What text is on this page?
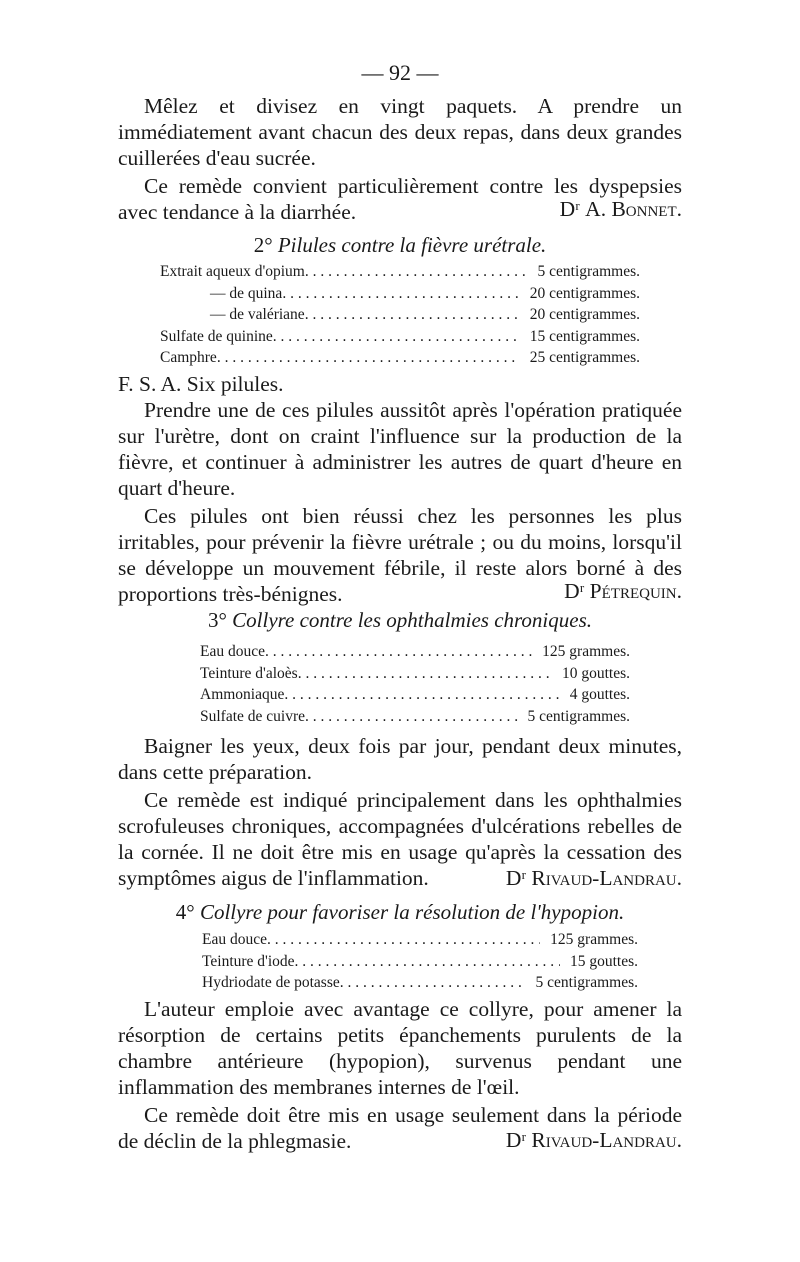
— 92 —

Mêlez et divisez en vingt paquets. A prendre un immédiatement avant chacun des deux repas, dans deux grandes cuillerées d'eau sucrée.

Ce remède convient particulièrement contre les dyspepsies avec tendance à la diarrhée.	Dʳ A. Bonnet.
2° Pilules contre la fièvre urétrale.
Extrait aqueux d'opium . . .	5 centigrammes.
— de quina . . .	20 centigrammes.
— de valériane . . .	20 centigrammes.
Sulfate de quinine . . .	15 centigrammes.
Camphre . . .	25 centigrammes.

F. S. A. Six pilules.

Prendre une de ces pilules aussitôt après l'opération pratiquée sur l'urètre, dont on craint l'influence sur la production de la fièvre, et continuer à administrer les autres de quart d'heure en quart d'heure.

Ces pilules ont bien réussi chez les personnes les plus irritables, pour prévenir la fièvre urétrale ; ou du moins, lorsqu'il se développe un mouvement fébrile, il reste alors borné à des proportions très-bénignes.	Dʳ Pétrequin.
3° Collyre contre les ophthalmies chroniques.
Eau douce . . .	125 grammes.
Teinture d'aloès . . .	10 gouttes.
Ammoniaque . . .	4 gouttes.
Sulfate de cuivre . . .	5 centigrammes.

Baigner les yeux, deux fois par jour, pendant deux minutes, dans cette préparation.

Ce remède est indiqué principalement dans les ophthalmies scrofuleuses chroniques, accompagnées d'ulcérations rebelles de la cornée. Il ne doit être mis en usage qu'après la cessation des symptômes aigus de l'inflammation.	Dʳ Rivaud-Landrau.
4° Collyre pour favoriser la résolution de l'hypopion.
Eau douce . . .	125 grammes.
Teinture d'iode . . .	15 gouttes.
Hydriodate de potasse . . .	5 centigrammes.

L'auteur emploie avec avantage ce collyre, pour amener la résorption de certains petits épanchements purulents de la chambre antérieure (hypopion), survenus pendant une inflammation des membranes internes de l'œil.

Ce remède doit être mis en usage seulement dans la période de déclin de la phlegmasie.	Dʳ Rivaud-Landrau.
